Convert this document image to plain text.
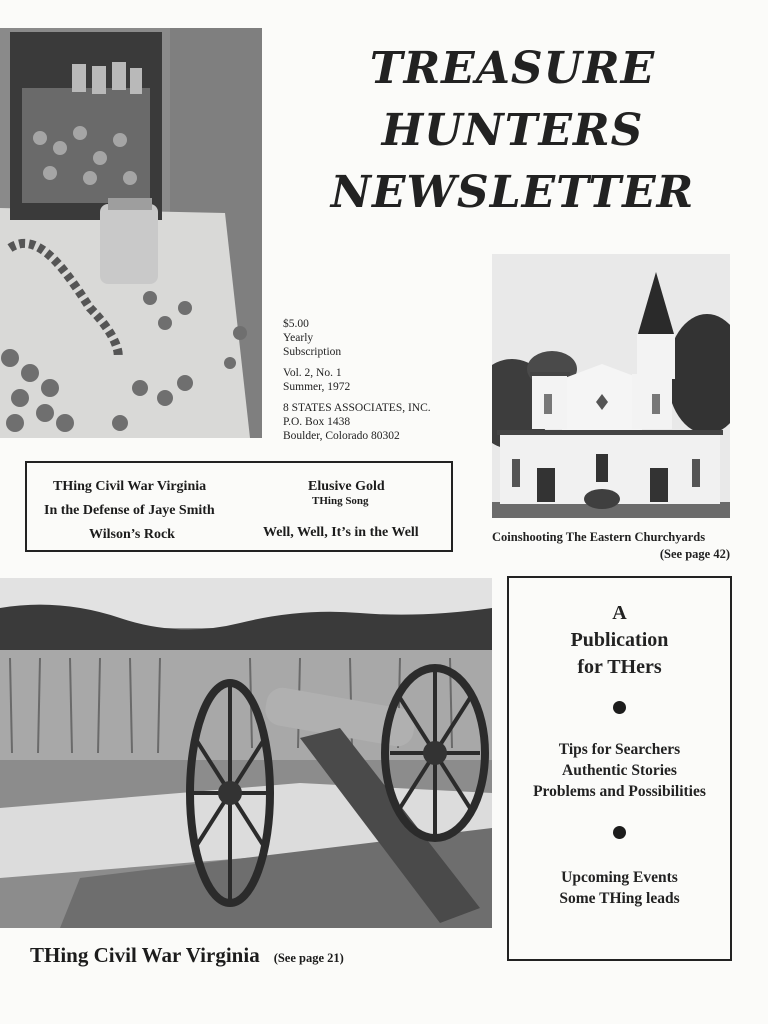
TREASURE
HUNTERS
NEWSLETTER
$5.00
Yearly
Subscription
Vol. 2, No. 1
Summer, 1972
8 STATES ASSOCIATES, INC.
P.O. Box 1438
Boulder, Colorado 80302
Coinshooting The Eastern Churchyards
(See page 42)
THing Civil War Virginia
In the Defense of Jaye Smith
Wilson’s Rock
Elusive Gold
THing Song
Well, Well, It’s in the Well
THing Civil War Virginia (See page 21)
A
Publication
for THers
Tips for Searchers
Authentic Stories
Problems and Possibilities
Upcoming Events
Some THing leads
